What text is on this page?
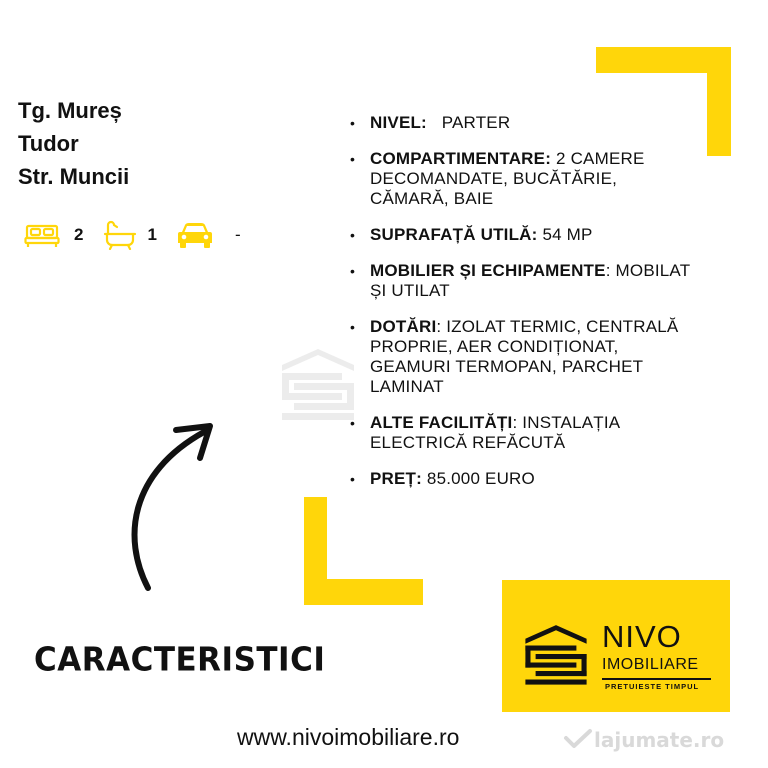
Tg. Mureș
Tudor
Str. Muncii
2	1	-
• NIVEL:   PARTER
• COMPARTIMENTARE: 2 CAMERE DECOMANDATE, BUCĂTĂRIE, CĂMARĂ, BAIE
• SUPRAFAȚĂ UTILĂ: 54 MP
• MOBILIER ȘI ECHIPAMENTE: MOBILAT ȘI UTILAT
• DOTĂRI: IZOLAT TERMIC, CENTRALĂ PROPRIE, AER CONDIȚIONAT, GEAMURI TERMOPAN, PARCHET LAMINAT
• ALTE FACILITĂȚI: INSTALAȚIA ELECTRICĂ REFĂCUTĂ
• PREȚ: 85.000 EURO
CARACTERISTICI
www.nivoimobiliare.ro
NIVO
IMOBILIARE
PRETUIESTE TIMPUL
lajumate.ro
